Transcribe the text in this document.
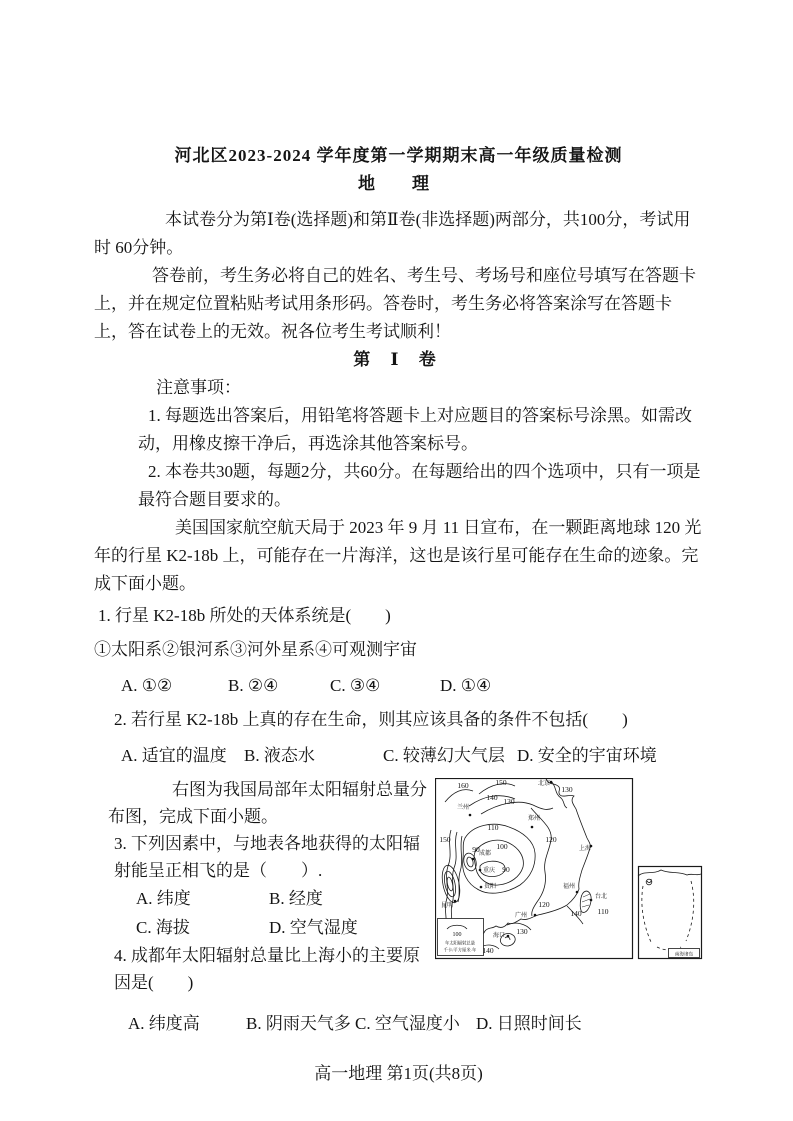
河北区2023-2024 学年度第一学期期末高一年级质量检测

地　理

本试卷分为第Ⅰ卷(选择题)和第Ⅱ卷(非选择题)两部分，共100分，考试用时 60分钟。

答卷前，考生务必将自己的姓名、考生号、考场号和座位号填写在答题卡上，并在规定位置粘贴考试用条形码。答卷时，考生务必将答案涂写在答题卡上，答在试卷上的无效。祝各位考生考试顺利！

第 Ⅰ 卷

注意事项：

1. 每题选出答案后，用铅笔将答题卡上对应题目的答案标号涂黑。如需改动，用橡皮擦干净后，再选涂其他答案标号。

2. 本卷共30题，每题2分，共60分。在每题给出的四个选项中，只有一项是最符合题目要求的。

美国国家航空航天局于 2023 年 9 月 11 日宣布，在一颗距离地球 120 光年的行星 K2-18b 上，可能存在一片海洋，这也是该行星可能存在生命的迹象。完成下面小题。

1. 行星 K2-18b 所处的天体系统是(　　)

①太阳系②银河系③河外星系④可观测宇宙

A. ①②	B. ②④	C. ③④	D. ①④

2. 若行星 K2-18b 上真的存在生命，则其应该具备的条件不包括(　　)

A. 适宜的温度	B. 液态水	C. 较薄幻大气层 D. 安全的宇宙环境
160	150
140 130
130
110
120
150
90 100
90
120
140 110
130
140
北京
兰州
郑州
上海
成都
重庆
贵阳
昆明
广州
福州
台北
海口
100
年太阳辐射总量
千卡/平方厘米·年
南海诸岛

右图为我国局部年太阳辐射总量分布图，完成下面小题。

3. 下列因素中，与地表各地获得的太阳辐射能呈正相飞的是（　　）.

A. 纬度	B. 经度
C. 海拔	D. 空气湿度

4. 成都年太阳辐射总量比上海小的主要原因是(　　)

A. 纬度高	B. 阴雨天气多 C. 空气湿度小 D. 日照时间长

高一地理 第1页(共8页)
